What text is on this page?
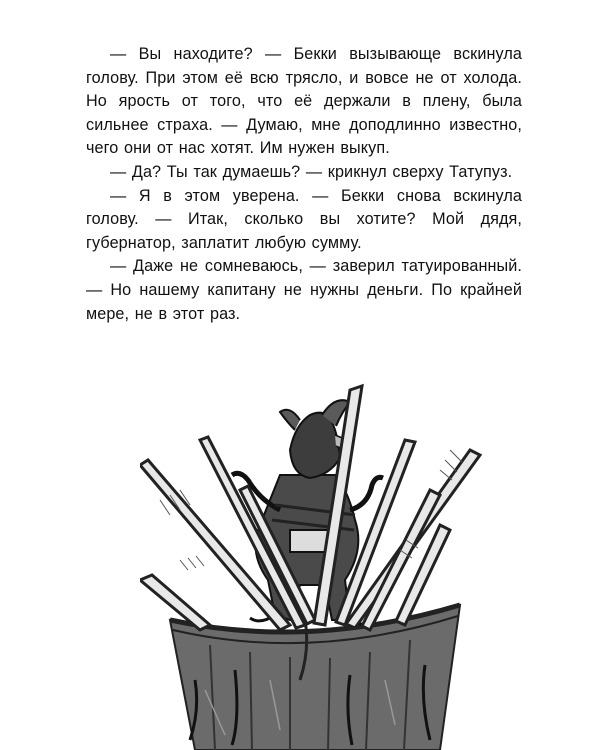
— Вы находите? — Бекки вызывающе вскинула голову. При этом её всю трясло, и вовсе не от холода. Но ярость от того, что её держали в плену, была сильнее страха. — Думаю, мне доподлинно известно, чего они от нас хотят. Им нужен выкуп.

— Да? Ты так думаешь? — крикнул сверху Татупуз.

— Я в этом уверена. — Бекки снова вскинула голову. — Итак, сколько вы хотите? Мой дядя, губернатор, заплатит любую сумму.

— Даже не сомневаюсь, — заверил татуированный. — Но нашему капитану не нужны деньги. По крайней мере, не в этот раз.
